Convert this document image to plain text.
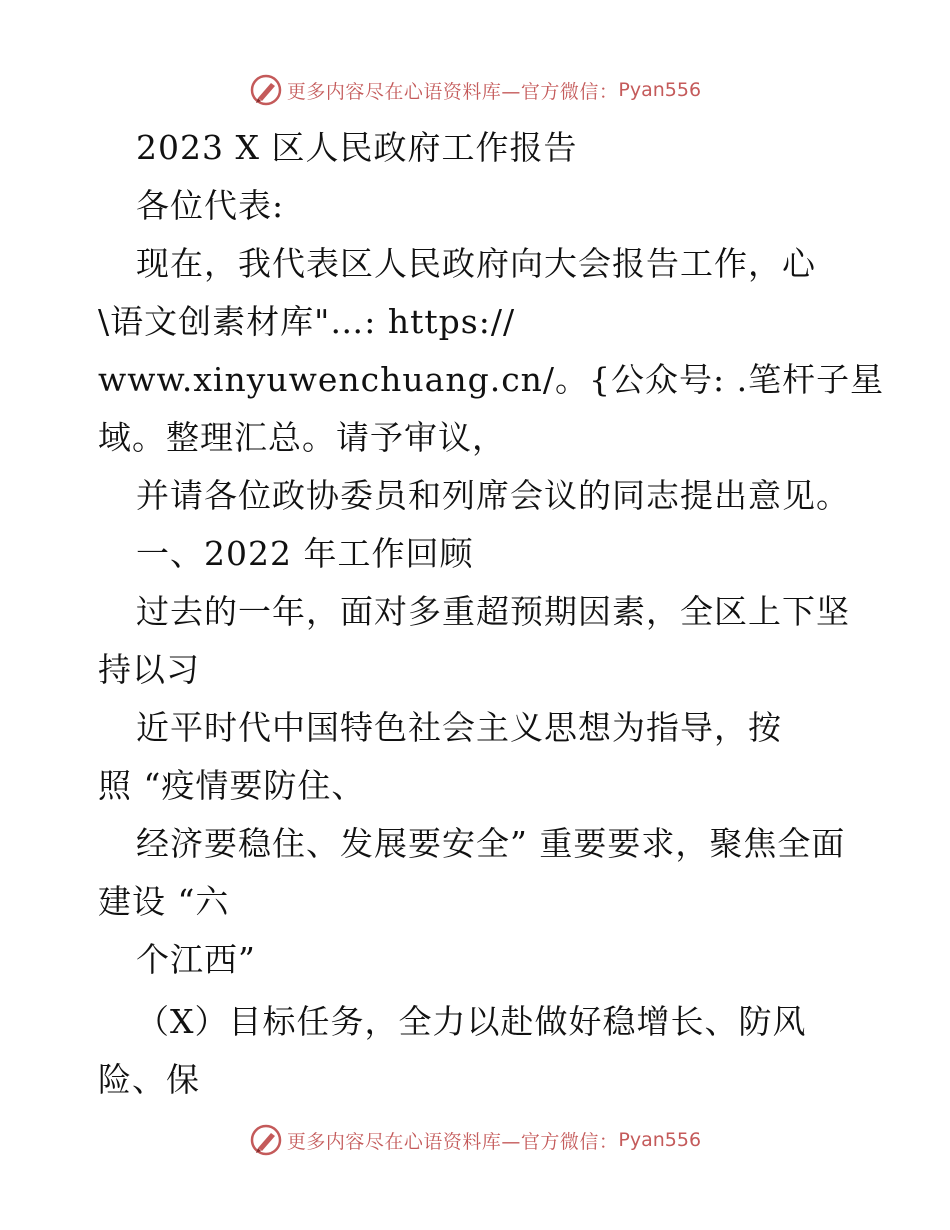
更多内容尽在心语资料库—官方微信： Pyan556
2023 X 区人民政府工作报告
各位代表:
现在，我代表区人民政府向大会报告工作，心
\语文创素材库"…: https://
www.xinyuwenchuang.cn/。{公众号: .笔杆子星
域。整理汇总。请予审议，
并请各位政协委员和列席会议的同志提出意见。
一、2022 年工作回顾
过去的一年，面对多重超预期因素，全区上下坚
持以习
近平时代中国特色社会主义思想为指导，按
照 “疫情要防住、
经济要稳住、发展要安全” 重要要求，聚焦全面
建设 “六
个江西”
（X）目标任务，全力以赴做好稳增长、防风
险、保
更多内容尽在心语资料库—官方微信： Pyan556
